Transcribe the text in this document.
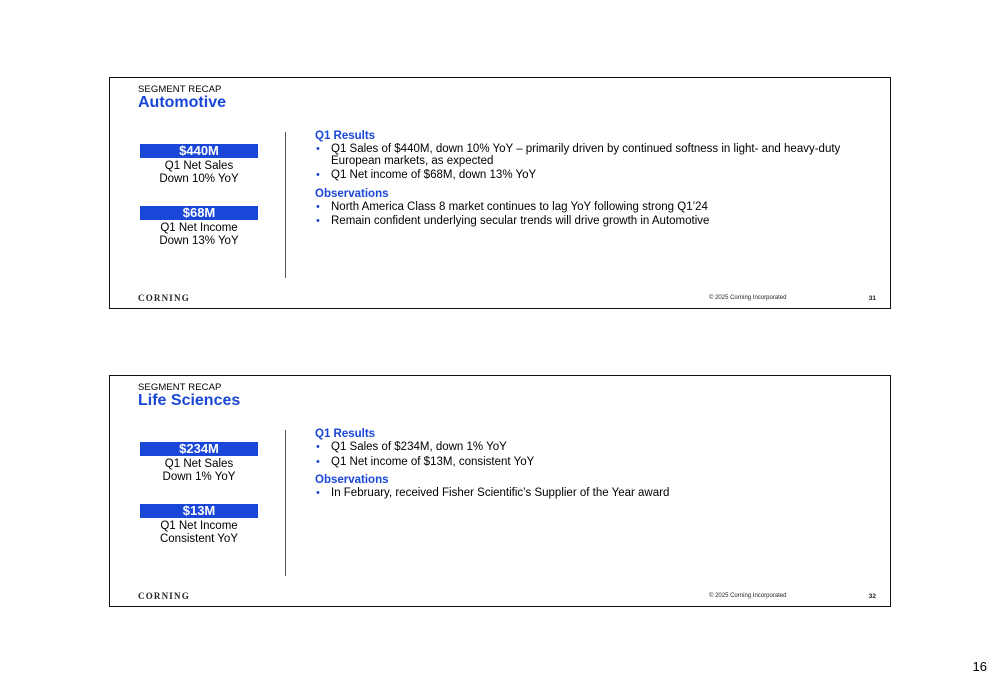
SEGMENT RECAP
Automotive
$440M
Q1 Net Sales
Down 10% YoY
$68M
Q1 Net Income
Down 13% YoY
Q1 Results
• Q1 Sales of $440M, down 10% YoY – primarily driven by continued softness in light- and heavy-duty European markets, as expected
• Q1 Net income of $68M, down 13% YoY
Observations
• North America Class 8 market continues to lag YoY following strong Q1’24
• Remain confident underlying secular trends will drive growth in Automotive
CORNING	© 2025 Corning Incorporated	31
SEGMENT RECAP
Life Sciences
$234M
Q1 Net Sales
Down 1% YoY
$13M
Q1 Net Income
Consistent YoY
Q1 Results
• Q1 Sales of $234M, down 1% YoY
• Q1 Net income of $13M, consistent YoY
Observations
• In February, received Fisher Scientific’s Supplier of the Year award
CORNING	© 2025 Corning Incorporated	32
16
